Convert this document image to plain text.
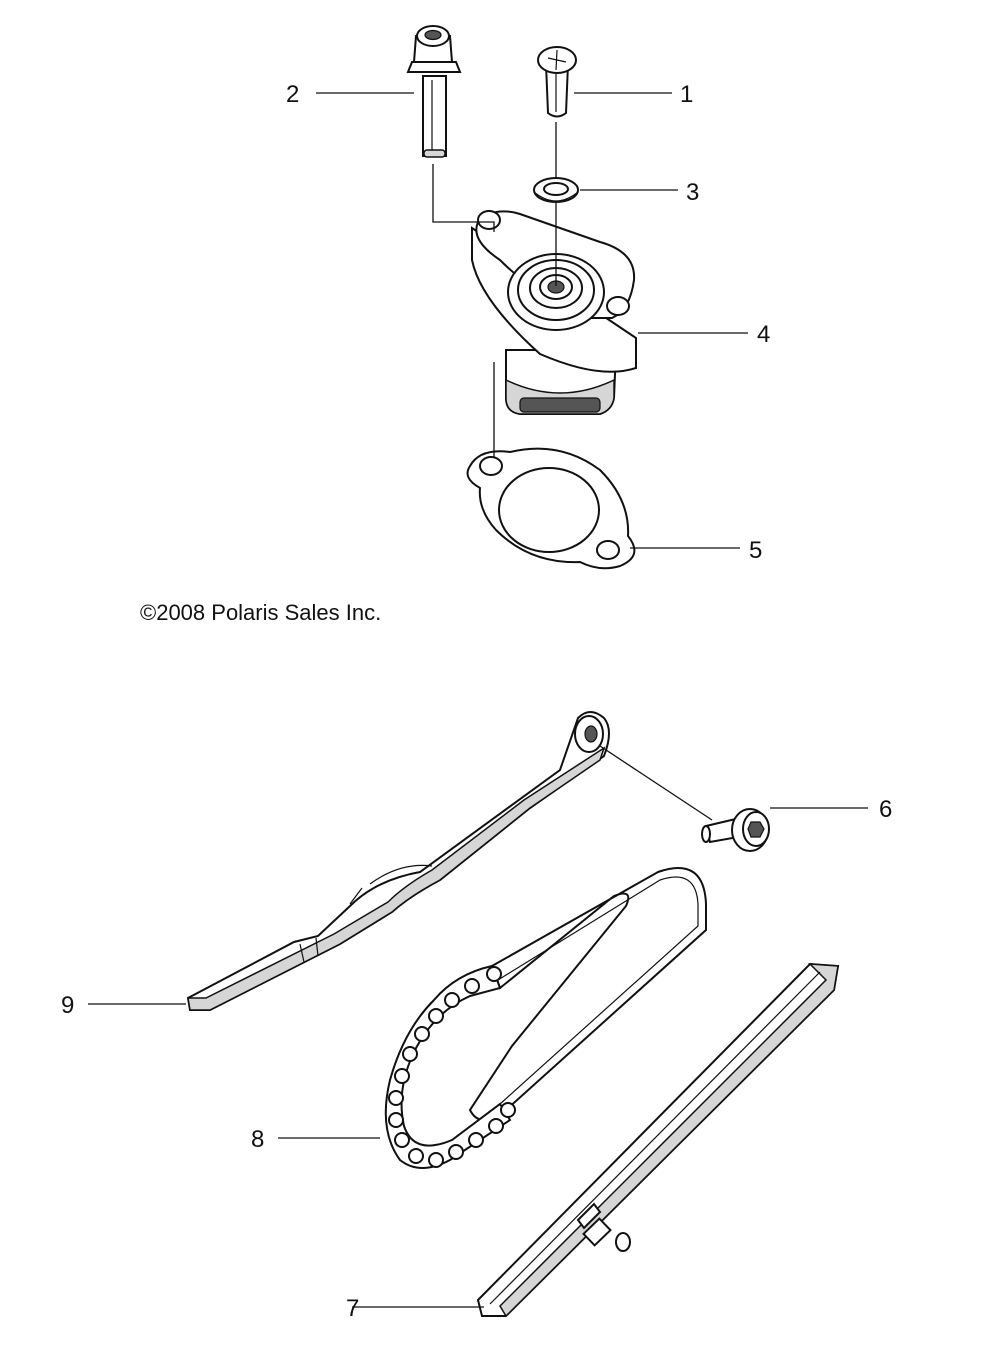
1
2
3
4
5
6
7
8
9
©2008 Polaris Sales Inc.
